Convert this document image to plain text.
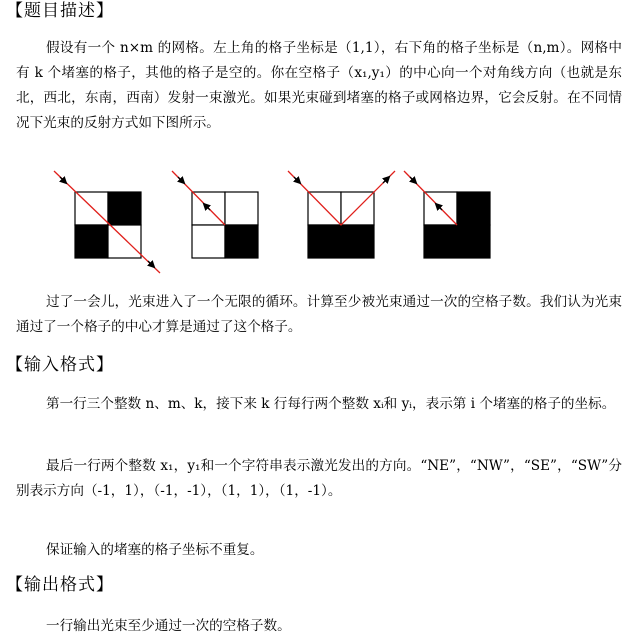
【题目描述】
假设有一个 n×m 的网格。左上角的格子坐标是（1,1），右下角的格子坐标是（n,m）。网格中有 k 个堵塞的格子，其他的格子是空的。你在空格子（x₁,y₁）的中心向一个对角线方向（也就是东北，西北，东南，西南）发射一束激光。如果光束碰到堵塞的格子或网格边界，它会反射。在不同情况下光束的反射方式如下图所示。
过了一会儿，光束进入了一个无限的循环。计算至少被光束通过一次的空格子数。我们认为光束通过了一个格子的中心才算是通过了这个格子。
【输入格式】
第一行三个整数 n、m、k，接下来 k 行每行两个整数 xᵢ和 yᵢ，表示第 i 个堵塞的格子的坐标。
最后一行两个整数 x₁，y₁和一个字符串表示激光发出的方向。“NE”，“NW”，“SE”，“SW”分别表示方向（-1，1），（-1，-1），（1，1），（1，-1）。
保证输入的堵塞的格子坐标不重复。
【输出格式】
一行输出光束至少通过一次的空格子数。
